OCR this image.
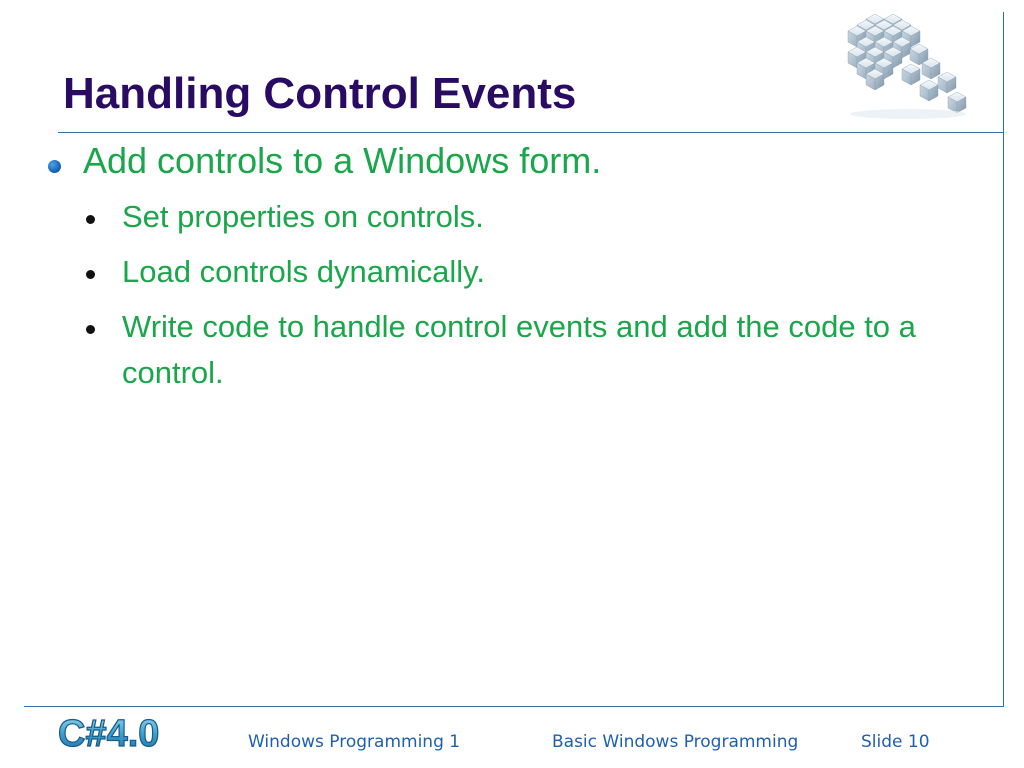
Handling Control Events
Add controls to a Windows form.
Set properties on controls.
Load controls dynamically.
Write code to handle control events and add the code to a control.
C#4.0	Windows Programming 1	Basic Windows Programming	Slide 10
